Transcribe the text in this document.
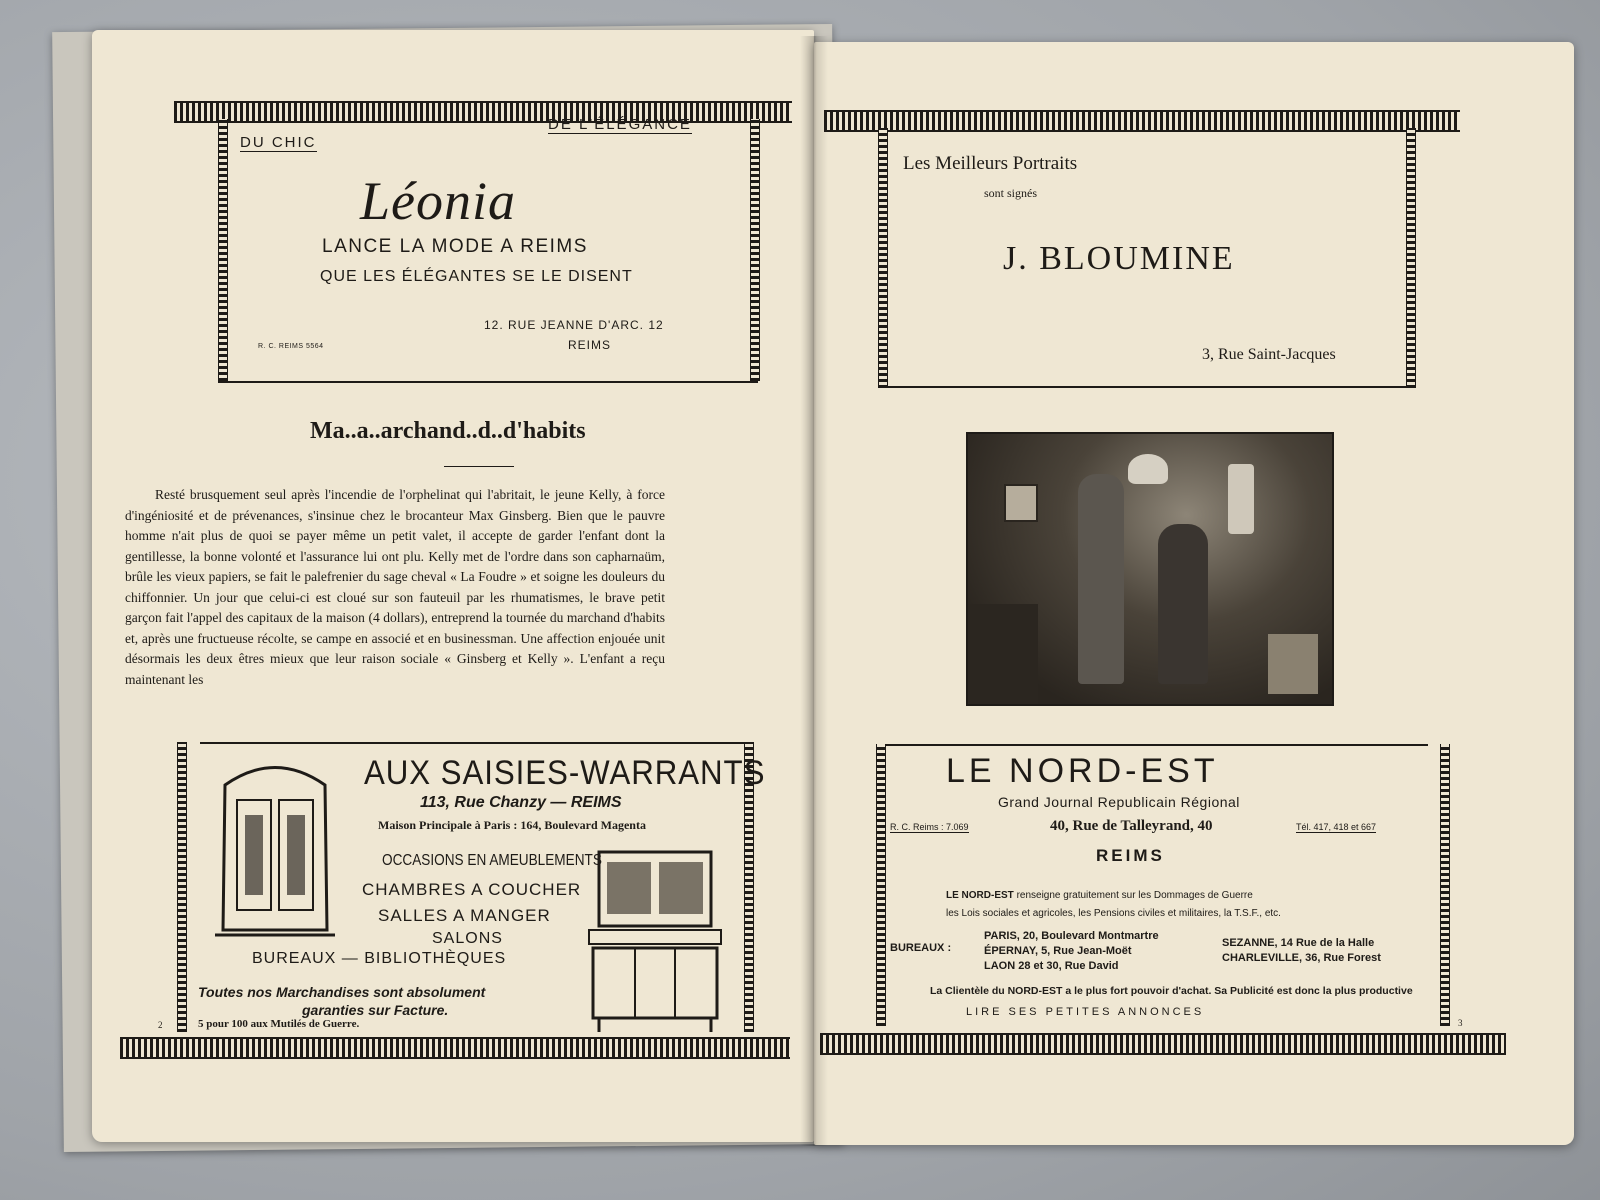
DU CHIC
DE L'ÉLÉGANCE
Léonia
LANCE LA MODE A REIMS
QUE LES ÉLÉGANTES SE LE DISENT
12. RUE JEANNE D'ARC. 12
REIMS
R. C. REIMS 5564
Ma..a..archand..d..d'habits

Resté brusquement seul après l'incendie de l'orphelinat qui l'abritait, le jeune Kelly, à force d'ingéniosité et de prévenances, s'insinue chez le brocanteur Max Ginsberg. Bien que le pauvre homme n'ait plus de quoi se payer même un petit valet, il accepte de garder l'enfant dont la gentillesse, la bonne volonté et l'assurance lui ont plu. Kelly met de l'ordre dans son capharnaüm, brûle les vieux papiers, se fait le palefrenier du sage cheval « La Foudre » et soigne les douleurs du chiffonnier. Un jour que celui-ci est cloué sur son fauteuil par les rhumatismes, le brave petit garçon fait l'appel des capitaux de la maison (4 dollars), entreprend la tournée du marchand d'habits et, après une fructueuse récolte, se campe en associé et en businessman. Une affection enjouée unit désormais les deux êtres mieux que leur raison sociale « Ginsberg et Kelly ». L'enfant a reçu maintenant les

AUX SAISIES-WARRANTS
113, Rue Chanzy — REIMS
Maison Principale à Paris : 164, Boulevard Magenta
OCCASIONS EN AMEUBLEMENTS
CHAMBRES A COUCHER
SALLES A MANGER
SALONS
BUREAUX — BIBLIOTHÈQUES
Toutes nos Marchandises sont absolument
garanties sur Facture.
5 pour 100 aux Mutilés de Guerre.
2
Les Meilleurs Portraits
sont signés
J. BLOUMINE
3, Rue Saint-Jacques
LE NORD-EST
Grand Journal Republicain Régional
R. C. Reims : 7.069	40, Rue de Talleyrand, 40	Tél. 417, 418 et 667
REIMS
LE NORD-EST renseigne gratuitement sur les Dommages de Guerre
les Lois sociales et agricoles, les Pensions civiles et militaires, la T.S.F., etc.
BUREAUX :
PARIS, 20, Boulevard Montmartre
ÉPERNAY, 5, Rue Jean-Moët
LAON 28 et 30, Rue David
SEZANNE, 14 Rue de la Halle
CHARLEVILLE, 36, Rue Forest
La Clientèle du NORD-EST a le plus fort pouvoir d'achat. Sa Publicité est donc la plus productive
LIRE SES PETITES ANNONCES
3
